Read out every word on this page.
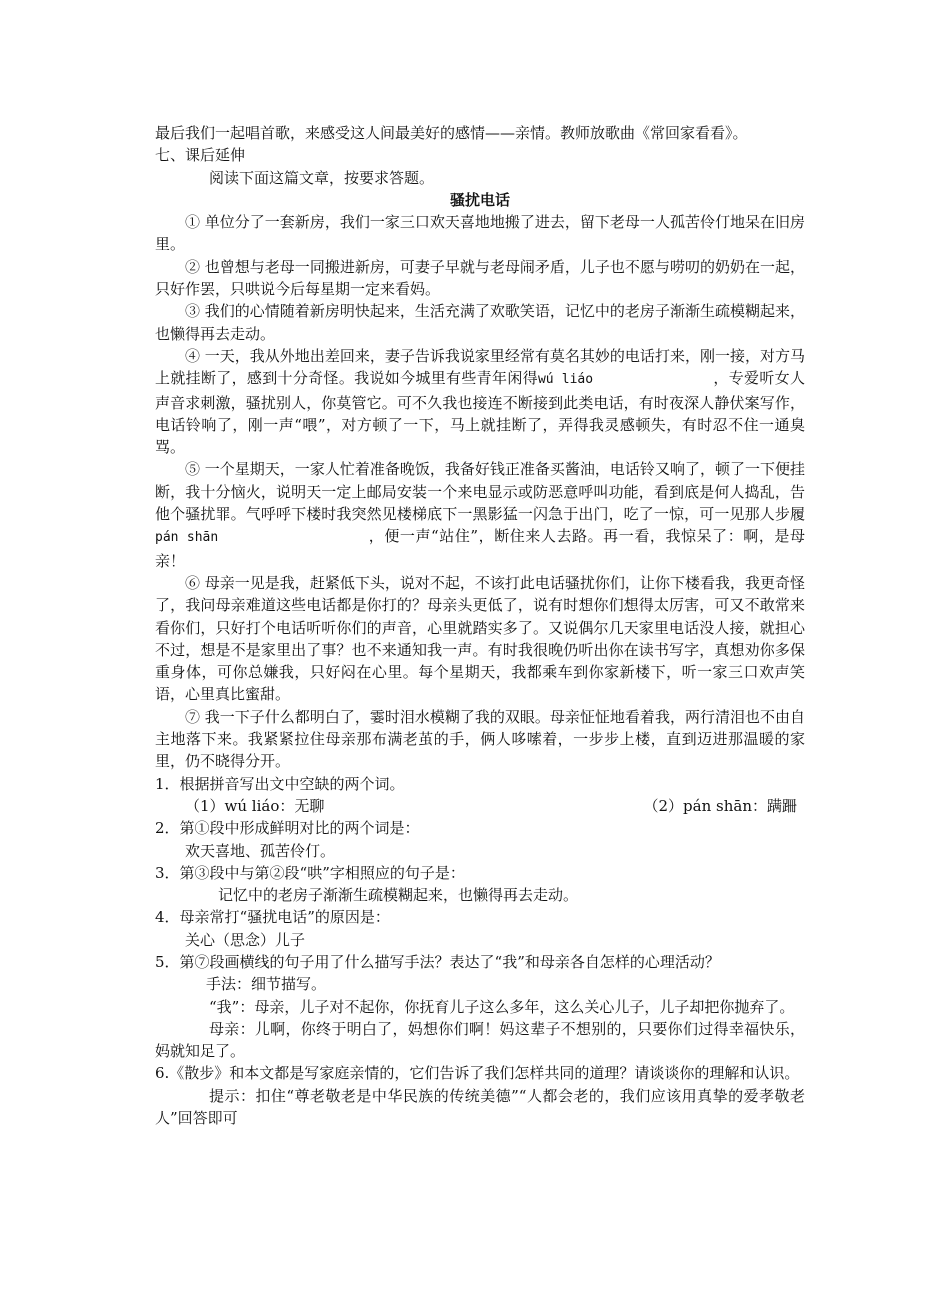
最后我们一起唱首歌，来感受这人间最美好的感情——亲情。教师放歌曲《常回家看看》。

七、课后延伸

阅读下面这篇文章，按要求答题。

骚扰电话

① 单位分了一套新房，我们一家三口欢天喜地地搬了进去，留下老母一人孤苦伶仃地呆在旧房里。

② 也曾想与老母一同搬进新房，可妻子早就与老母闹矛盾，儿子也不愿与唠叨的奶奶在一起，只好作罢，只哄说今后每星期一定来看妈。

③ 我们的心情随着新房明快起来，生活充满了欢歌笑语，记忆中的老房子渐渐生疏模糊起来，也懒得再去走动。

④ 一天，我从外地出差回来，妻子告诉我说家里经常有莫名其妙的电话打来，刚一接，对方马上就挂断了，感到十分奇怪。我说如今城里有些青年闲得wú liáo	，专爱听女人声音求刺激，骚扰别人，你莫管它。可不久我也接连不断接到此类电话，有时夜深人静伏案写作，电话铃响了，刚一声“喂”，对方顿了一下，马上就挂断了，弄得我灵感顿失，有时忍不住一通臭骂。

⑤ 一个星期天，一家人忙着准备晚饭，我备好钱正准备买酱油，电话铃又响了，顿了一下便挂断，我十分恼火，说明天一定上邮局安装一个来电显示或防恶意呼叫功能，看到底是何人捣乱，告他个骚扰罪。气呼呼下楼时我突然见楼梯底下一黑影猛一闪急于出门，吃了一惊，可一见那人步履pán shān	，便一声“站住”，断住来人去路。再一看，我惊呆了：啊，是母亲！

⑥ 母亲一见是我，赶紧低下头，说对不起，不该打此电话骚扰你们，让你下楼看我，我更奇怪了，我问母亲难道这些电话都是你打的？母亲头更低了，说有时想你们想得太厉害，可又不敢常来看你们，只好打个电话听听你们的声音，心里就踏实多了。又说偶尔几天家里电话没人接，就担心不过，想是不是家里出了事？也不来通知我一声。有时我很晚仍听出你在读书写字，真想劝你多保重身体，可你总嫌我，只好闷在心里。每个星期天，我都乘车到你家新楼下，听一家三口欢声笑语，心里真比蜜甜。

⑦ 我一下子什么都明白了，霎时泪水模糊了我的双眼。母亲怔怔地看着我，两行清泪也不由自主地落下来。我紧紧拉住母亲那布满老茧的手，俩人哆嗦着，一步步上楼，直到迈进那温暖的家里，仍不晓得分开。

1．根据拼音写出文中空缺的两个词。

（1）wú liáo：无聊	（2）pán shān：蹒跚

2．第①段中形成鲜明对比的两个词是：

欢天喜地、孤苦伶仃。

3．第③段中与第②段“哄”字相照应的句子是：

记忆中的老房子渐渐生疏模糊起来，也懒得再去走动。

4．母亲常打“骚扰电话”的原因是：

关心（思念）儿子

5．第⑦段画横线的句子用了什么描写手法？表达了“我”和母亲各自怎样的心理活动？

手法：细节描写。

“我”：母亲，儿子对不起你，你抚育儿子这么多年，这么关心儿子，儿子却把你抛弃了。

母亲：儿啊，你终于明白了，妈想你们啊！妈这辈子不想别的，只要你们过得幸福快乐，妈就知足了。

6.《散步》和本文都是写家庭亲情的，它们告诉了我们怎样共同的道理？请谈谈你的理解和认识。

提示：扣住“尊老敬老是中华民族的传统美德”“人都会老的，我们应该用真挚的爱孝敬老人”回答即可
